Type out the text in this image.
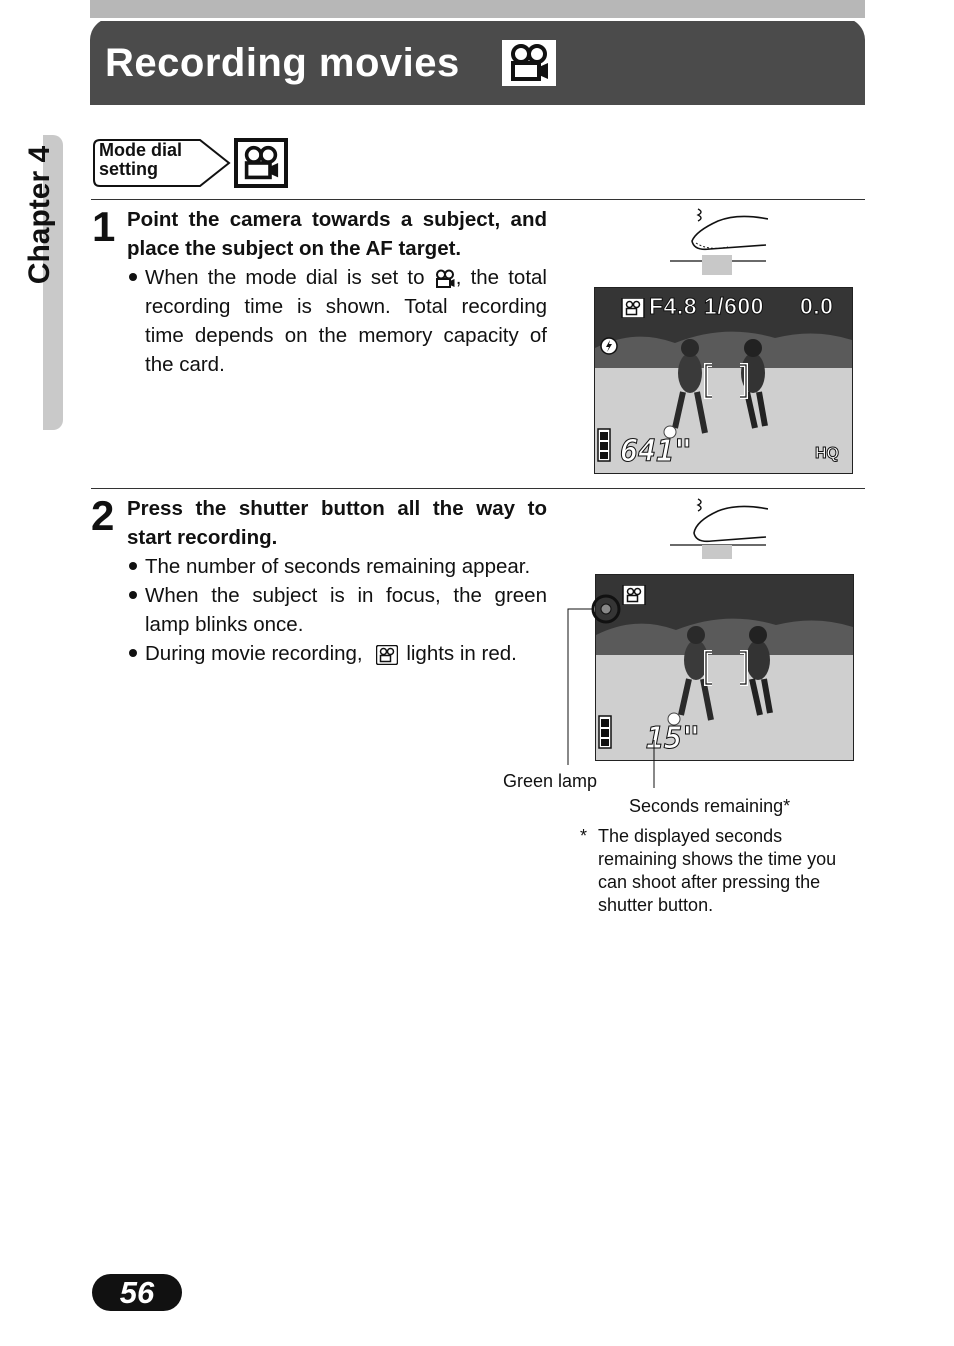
Recording movies
Chapter 4 Mode dial
setting
1 Point the camera towards a subject, and place the subject on the AF target.
When the mode dial is set to , the total recording time is shown. Total recording time depends on the memory capacity of the card.
F4.8 1/600 0.0
641"	HQ
2 Press the shutter button all the way to start recording.
The number of seconds remaining appear.
When the subject is in focus, the green lamp blinks once.
During movie recording, lights in red.
15"
Green lamp
Seconds remaining*
* The displayed seconds remaining shows the time you can shoot after pressing the shutter button.
56
